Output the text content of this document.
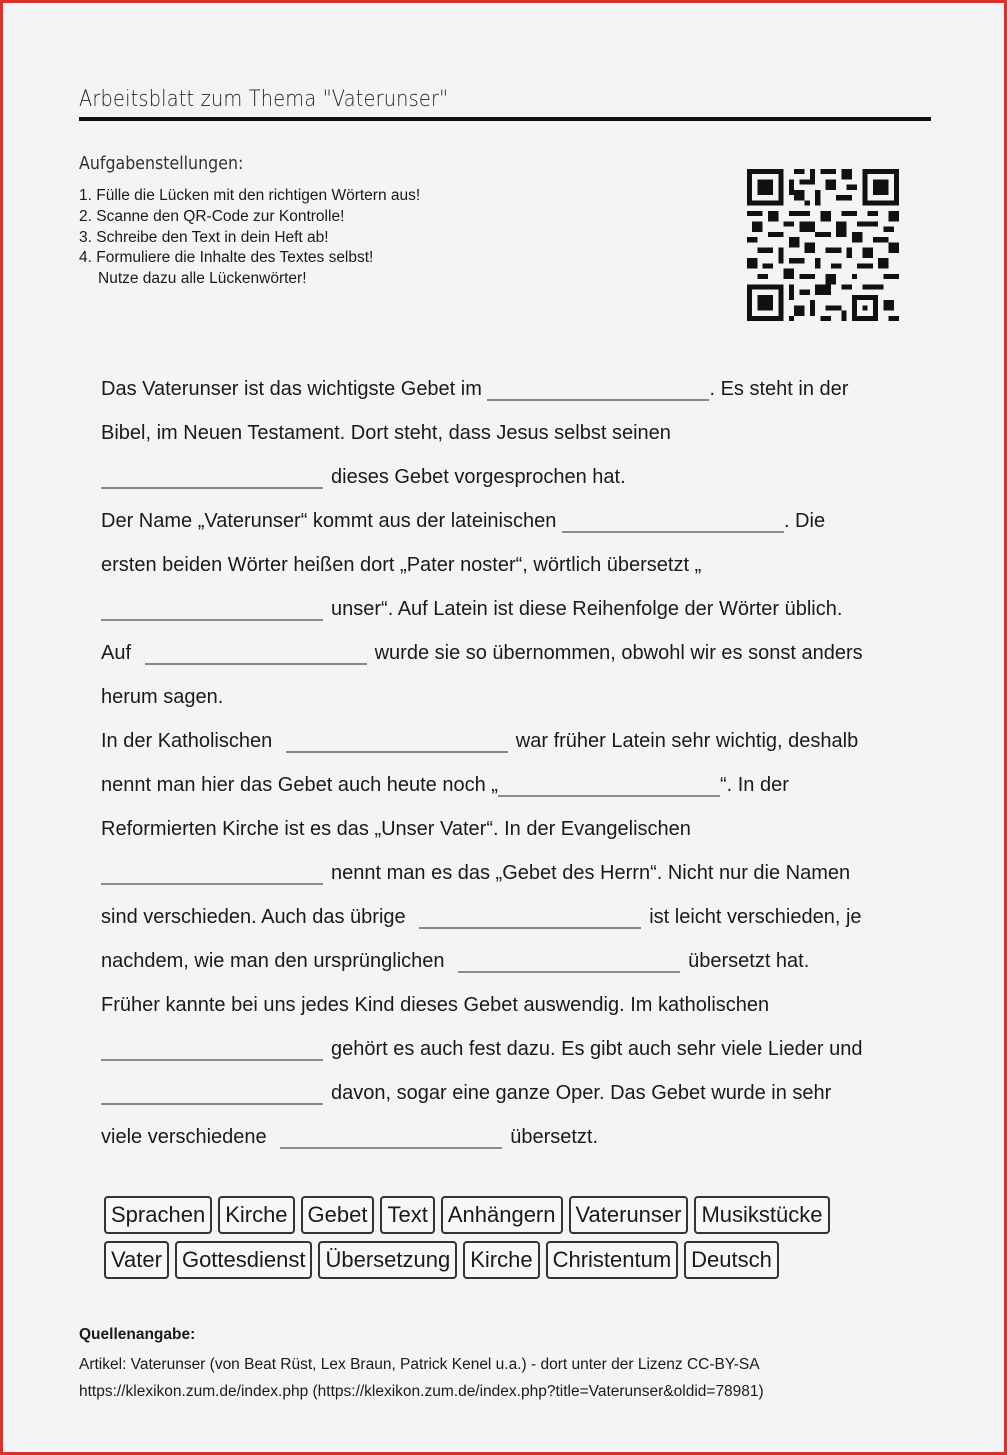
Arbeitsblatt zum Thema "Vaterunser"
Aufgabenstellungen:
1. Fülle die Lücken mit den richtigen Wörtern aus!
2. Scanne den QR-Code zur Kontrolle!
3. Schreibe den Text in dein Heft ab!
4. Formuliere die Inhalte des Textes selbst!
Nutze dazu alle Lückenwörter!
Das Vaterunser ist das wichtigste Gebet im	. Es steht in der
Bibel, im Neuen Testament. Dort steht, dass Jesus selbst seinen
dieses Gebet vorgesprochen hat.
Der Name „Vaterunser“ kommt aus der lateinischen	. Die
ersten beiden Wörter heißen dort „Pater noster“, wörtlich übersetzt „
unser“. Auf Latein ist diese Reihenfolge der Wörter üblich.
Auf	wurde sie so übernommen, obwohl wir es sonst anders
herum sagen.
In der Katholischen	war früher Latein sehr wichtig, deshalb
nennt man hier das Gebet auch heute noch „	“. In der
Reformierten Kirche ist es das „Unser Vater“. In der Evangelischen
nennt man es das „Gebet des Herrn“. Nicht nur die Namen
sind verschieden. Auch das übrige	ist leicht verschieden, je
nachdem, wie man den ursprünglichen	übersetzt hat.
Früher kannte bei uns jedes Kind dieses Gebet auswendig. Im katholischen
gehört es auch fest dazu. Es gibt auch sehr viele Lieder und
davon, sogar eine ganze Oper. Das Gebet wurde in sehr
viele verschiedene	übersetzt.
Sprachen Kirche Gebet Text Anhängern Vaterunser Musikstücke
Vater Gottesdienst Übersetzung Kirche Christentum Deutsch
Quellenangabe:
Artikel: Vaterunser (von Beat Rüst, Lex Braun, Patrick Kenel u.a.) - dort unter der Lizenz CC-BY-SA
https://klexikon.zum.de/index.php (https://klexikon.zum.de/index.php?title=Vaterunser&oldid=78981)
